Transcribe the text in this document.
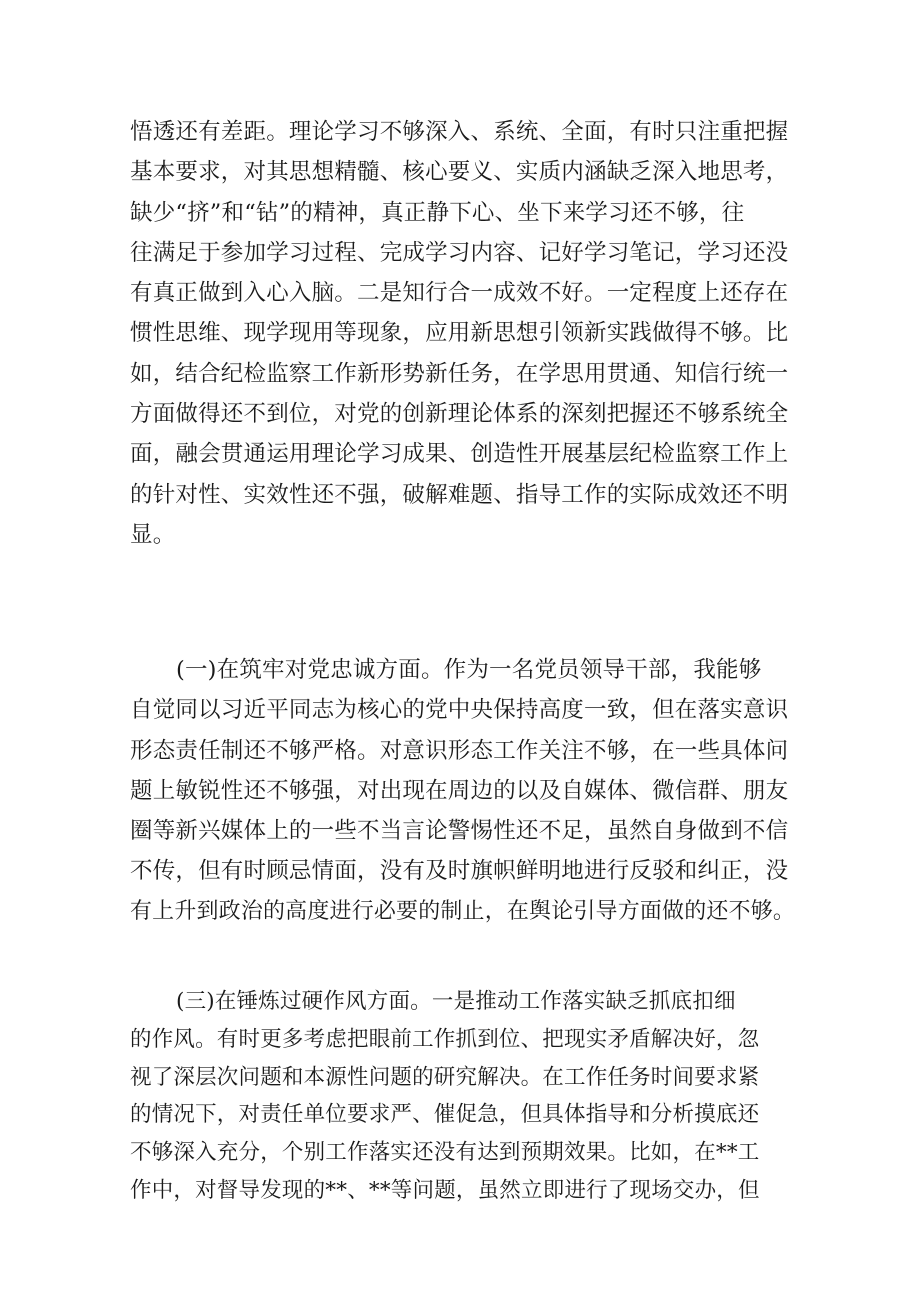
悟透还有差距。理论学习不够深入、系统、全面，有时只注重把握
基本要求，对其思想精髓、核心要义、实质内涵缺乏深入地思考，
缺少“挤”和“钻”的精神，真正静下心、坐下来学习还不够，往
往满足于参加学习过程、完成学习内容、记好学习笔记，学习还没
有真正做到入心入脑。二是知行合一成效不好。一定程度上还存在
惯性思维、现学现用等现象，应用新思想引领新实践做得不够。比
如，结合纪检监察工作新形势新任务，在学思用贯通、知信行统一
方面做得还不到位，对党的创新理论体系的深刻把握还不够系统全
面，融会贯通运用理论学习成果、创造性开展基层纪检监察工作上
的针对性、实效性还不强，破解难题、指导工作的实际成效还不明
显。
(一)在筑牢对党忠诚方面。作为一名党员领导干部，我能够
自觉同以习近平同志为核心的党中央保持高度一致，但在落实意识
形态责任制还不够严格。对意识形态工作关注不够，在一些具体问
题上敏锐性还不够强，对出现在周边的以及自媒体、微信群、朋友
圈等新兴媒体上的一些不当言论警惕性还不足，虽然自身做到不信
不传，但有时顾忌情面，没有及时旗帜鲜明地进行反驳和纠正，没
有上升到政治的高度进行必要的制止，在舆论引导方面做的还不够。
(三)在锤炼过硬作风方面。一是推动工作落实缺乏抓底扣细
的作风。有时更多考虑把眼前工作抓到位、把现实矛盾解决好，忽
视了深层次问题和本源性问题的研究解决。在工作任务时间要求紧
的情况下，对责任单位要求严、催促急，但具体指导和分析摸底还
不够深入充分，个别工作落实还没有达到预期效果。比如，在**工
作中，对督导发现的**、**等问题，虽然立即进行了现场交办，但
